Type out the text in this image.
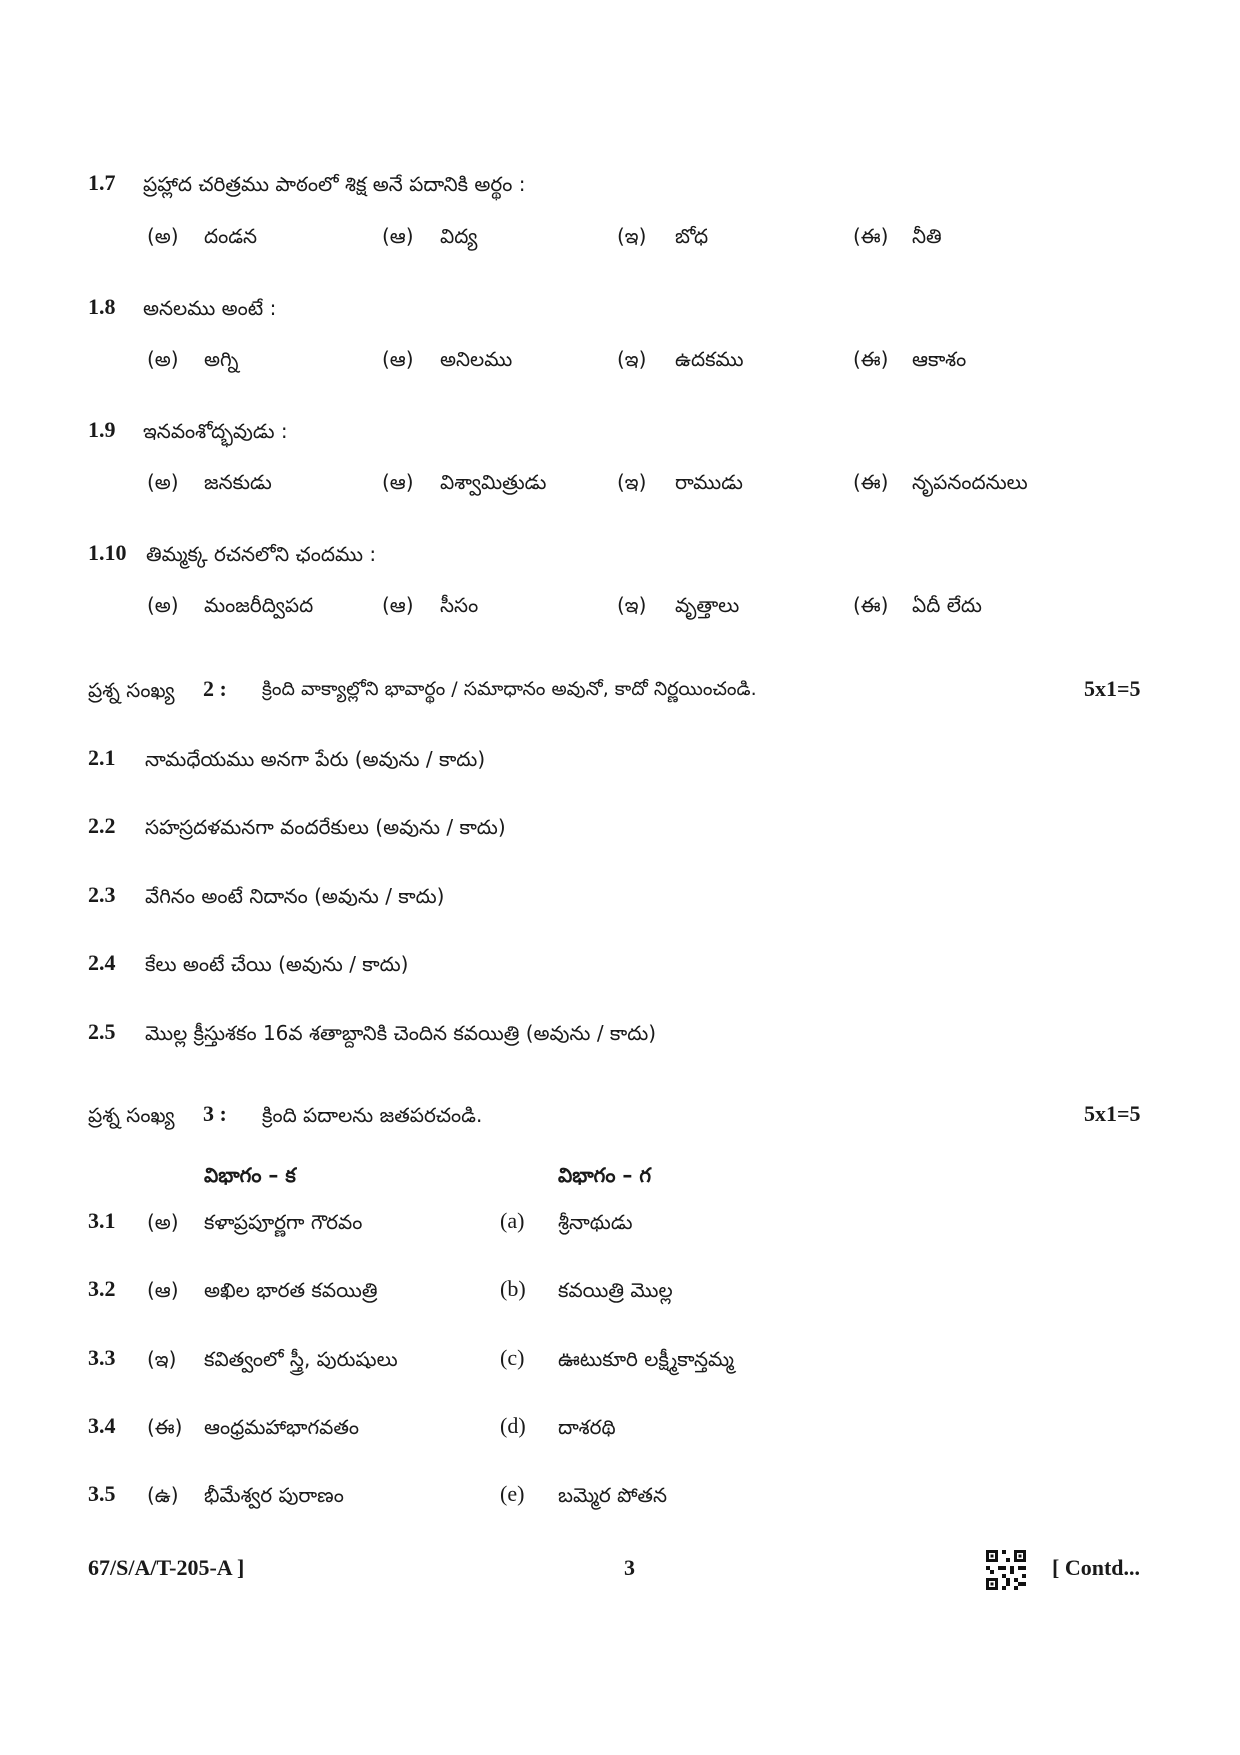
1.7 ప్రహ్లాద చరిత్రము పాఠంలో శిక్ష అనే పదానికి అర్థం :
(అ) దండన	(ఆ) విద్య	(ఇ) బోధ	(ఈ) నీతి
1.8 అనలము అంటే :
(అ) అగ్ని	(ఆ) అనిలము	(ఇ) ఉదకము	(ఈ) ఆకాశం
1.9 ఇనవంశోద్భవుడు :
(అ) జనకుడు	(ఆ) విశ్వామిత్రుడు	(ఇ) రాముడు	(ఈ) నృపనందనులు
1.10 తిమ్మక్క రచనలోని ఛందము :
(అ) మంజరీద్విపద	(ఆ) సీసం	(ఇ) వృత్తాలు	(ఈ) ఏదీ లేదు
ప్రశ్న సంఖ్య 2 : క్రింది వాక్యాల్లోని భావార్థం / సమాధానం అవునో, కాదో నిర్ణయించండి.	5x1=5
2.1 నామధేయము అనగా పేరు (అవును / కాదు)
2.2 సహస్రదళమనగా వందరేకులు (అవును / కాదు)
2.3 వేగినం అంటే నిదానం (అవును / కాదు)
2.4 కేలు అంటే చేయి (అవును / కాదు)
2.5 మొల్ల క్రీస్తుశకం 16వ శతాబ్దానికి చెందిన కవయిత్రి (అవును / కాదు)
ప్రశ్న సంఖ్య 3 : క్రింది పదాలను జతపరచండి.	5x1=5
విభాగం – క	విభాగం – గ
3.1 (అ) కళాప్రపూర్ణగా గౌరవం	(a) శ్రీనాథుడు
3.2 (ఆ) అఖిల భారత కవయిత్రి	(b) కవయిత్రి మొల్ల
3.3 (ఇ) కవిత్వంలో స్త్రీ, పురుషులు	(c) ఊటుకూరి లక్ష్మీకాన్తమ్మ
3.4 (ఈ) ఆంధ్రమహాభాగవతం	(d) దాశరథి
3.5 (ఉ) భీమేశ్వర పురాణం	(e) బమ్మెర పోతన
67/S/A/T-205-A ]	3	[ Contd...
